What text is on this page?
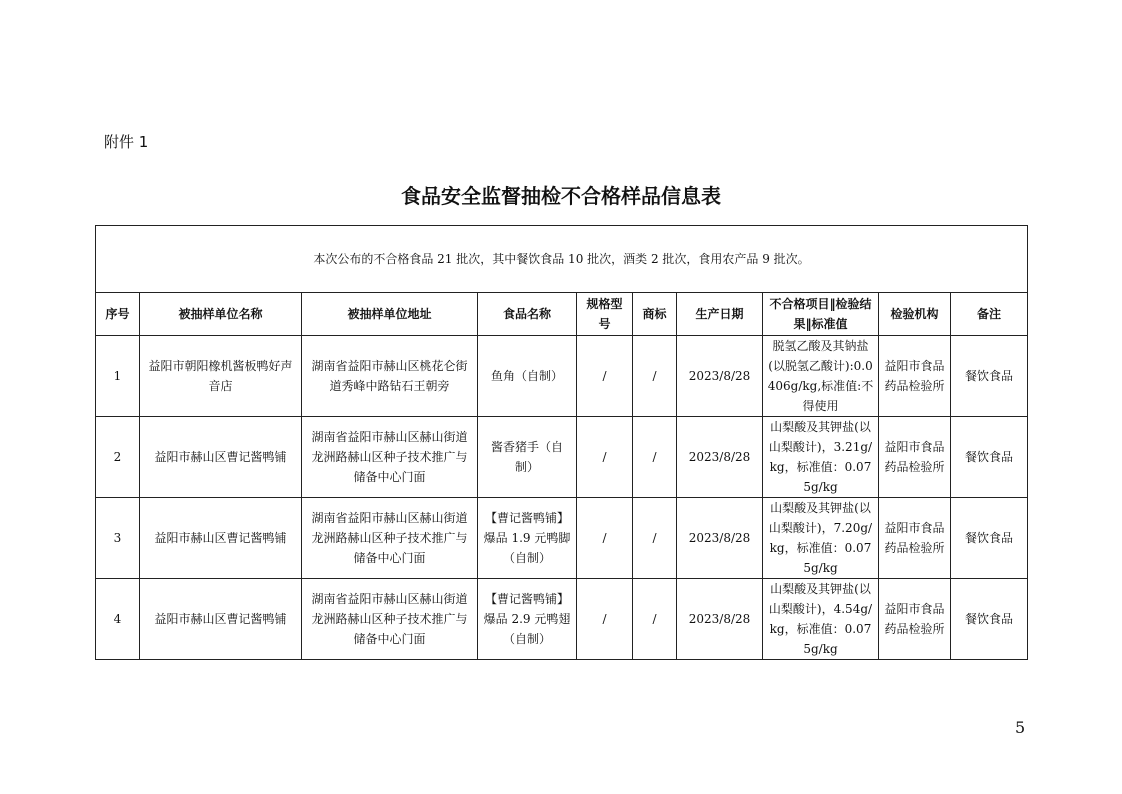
附件 1
食品安全监督抽检不合格样品信息表
本次公布的不合格食品 21 批次，其中餐饮食品 10 批次，酒类 2 批次，食用农产品 9 批次。									
序号	被抽样单位名称	被抽样单位地址	食品名称	规格型号	商标	生产日期	不合格项目‖检验结果‖标准值	检验机构	备注
1	益阳市朝阳橡机酱板鸭好声音店	湖南省益阳市赫山区桃花仑街道秀峰中路钻石王朝旁	鱼角（自制）	/	/	2023/8/28	脱氢乙酸及其钠盐(以脱氢乙酸计):0.0406g/kg,标准值:不得使用	益阳市食品药品检验所	餐饮食品
2	益阳市赫山区曹记酱鸭铺	湖南省益阳市赫山区赫山街道龙洲路赫山区种子技术推广与储备中心门面	酱香猪手（自制）	/	/	2023/8/28	山梨酸及其钾盐(以山梨酸计)，3.21g/kg，标准值：0.075g/kg	益阳市食品药品检验所	餐饮食品
3	益阳市赫山区曹记酱鸭铺	湖南省益阳市赫山区赫山街道龙洲路赫山区种子技术推广与储备中心门面	【曹记酱鸭铺】爆品 1.9 元鸭脚（自制）	/	/	2023/8/28	山梨酸及其钾盐(以山梨酸计)，7.20g/kg，标准值：0.075g/kg	益阳市食品药品检验所	餐饮食品
4	益阳市赫山区曹记酱鸭铺	湖南省益阳市赫山区赫山街道龙洲路赫山区种子技术推广与储备中心门面	【曹记酱鸭铺】爆品 2.9 元鸭翅（自制）	/	/	2023/8/28	山梨酸及其钾盐(以山梨酸计)，4.54g/kg，标准值：0.075g/kg	益阳市食品药品检验所	餐饮食品
5
